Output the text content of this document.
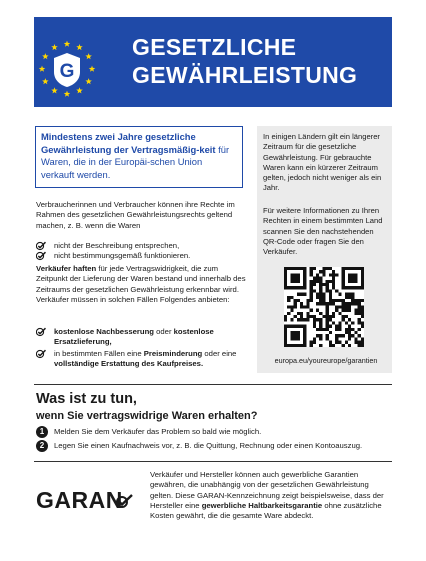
G
GESETZLICHE
GEWÄHRLEISTUNG
Mindestens zwei Jahre gesetzliche Gewährleistung der Vertragsmäßig-keit für Waren, die in der Europäi-schen Union verkauft werden.
Verbraucherinnen und Verbraucher können ihre Rechte im Rahmen des gesetzlichen Gewährleistungsrechts geltend machen, z. B. wenn die Waren
nicht der Beschreibung entsprechen,
nicht bestimmungsgemäß funktionieren.
Verkäufer haften für jede Vertragswidrigkeit, die zum Zeitpunkt der Lieferung der Waren bestand und innerhalb des Zeitraums der gesetzlichen Gewährleistung erkennbar wird. Verkäufer müssen in solchen Fällen Folgendes anbieten:
kostenlose Nachbesserung oder kostenlose Ersatzlieferung,
in bestimmten Fällen eine Preisminderung oder eine vollständige Erstattung des Kaufpreises.
In einigen Ländern gilt ein längerer Zeitraum für die gesetzliche Gewährleistung. Für gebrauchte Waren kann ein kürzerer Zeitraum gelten, jedoch nicht weniger als ein Jahr.
Für weitere Informationen zu Ihren Rechten in einem bestimmten Land scannen Sie den nachstehenden QR-Code oder fragen Sie den Verkäufer.
europa.eu/youreurope/garantien
Was ist zu tun,
wenn Sie vertragswidrige Waren erhalten?
1	Melden Sie dem Verkäufer das Problem so bald wie möglich.
2	Legen Sie einen Kaufnachweis vor, z. B. die Quittung, Rechnung oder einen Kontoauszug.
GARAN
Verkäufer und Hersteller können auch gewerbliche Garantien gewähren, die unabhängig von der gesetzlichen Gewährleistung gelten. Diese GARAN-Kennzeichnung zeigt beispielsweise, dass der Hersteller eine gewerbliche Haltbarkeitsgarantie ohne zusätzliche Kosten gewährt, die die gesamte Ware abdeckt.
